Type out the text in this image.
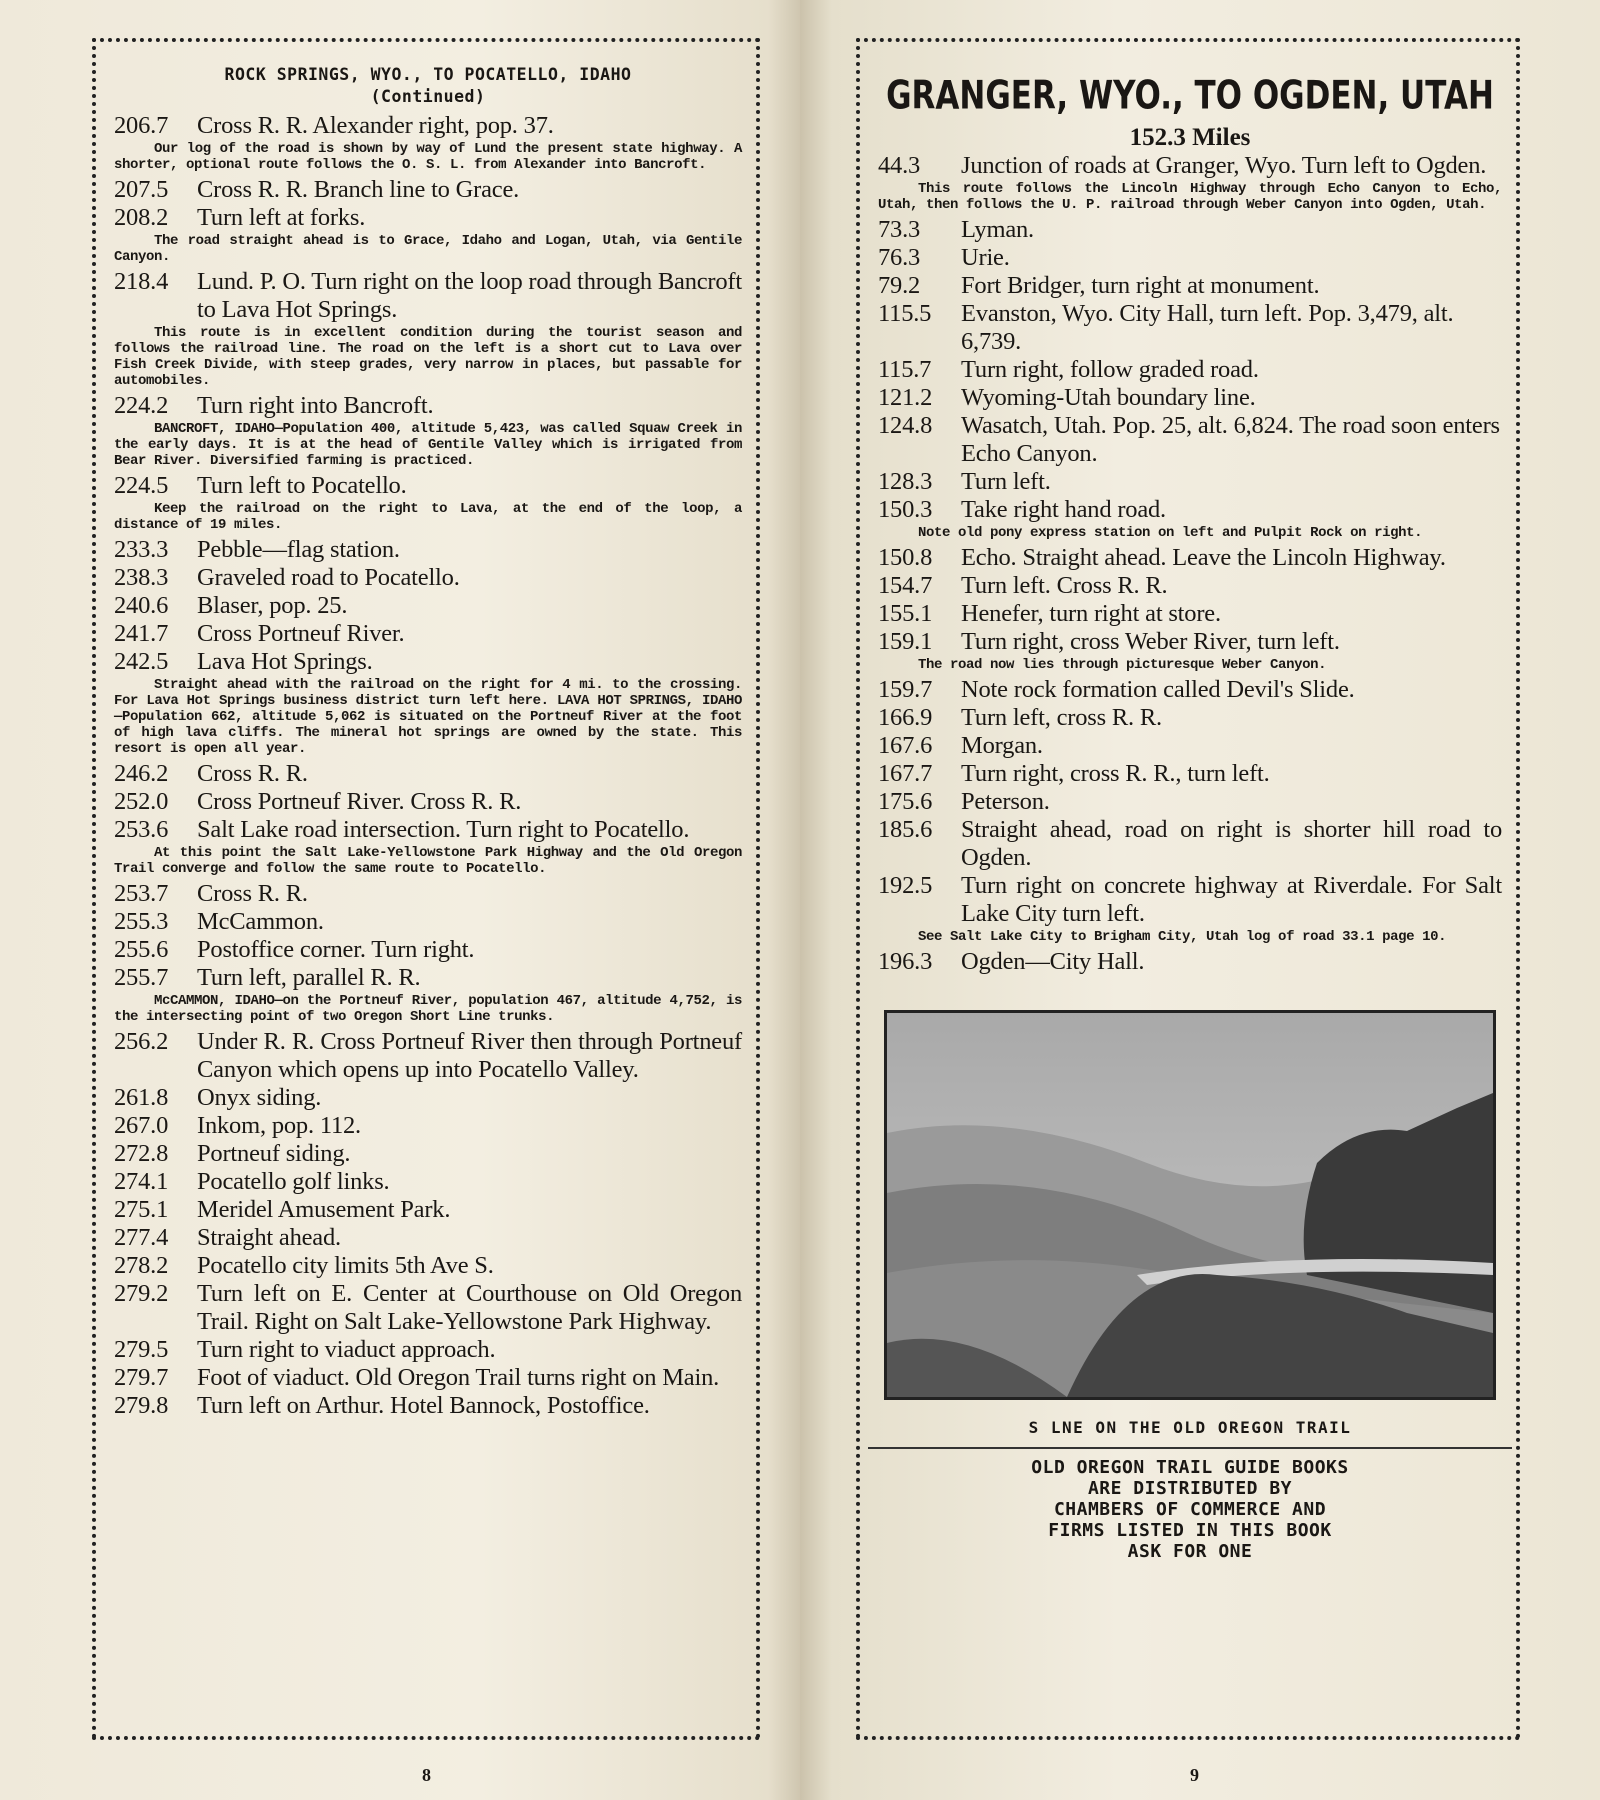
ROCK SPRINGS, WYO., TO POCATELLO, IDAHO
(Continued)
206.7	Cross R. R. Alexander right, pop. 37.
Our log of the road is shown by way of Lund the present state highway. A shorter, optional route follows the O. S. L. from Alexander into Bancroft.
207.5	Cross R. R. Branch line to Grace.
208.2	Turn left at forks.
The road straight ahead is to Grace, Idaho and Logan, Utah, via Gentile Canyon.
218.4	Lund. P. O. Turn right on the loop road through Bancroft to Lava Hot Springs.
This route is in excellent condition during the tourist season and follows the railroad line. The road on the left is a short cut to Lava over Fish Creek Divide, with steep grades, very narrow in places, but passable for automobiles.
224.2	Turn right into Bancroft.
BANCROFT, IDAHO—Population 400, altitude 5,423, was called Squaw Creek in the early days. It is at the head of Gentile Valley which is irrigated from Bear River. Diversified farming is practiced.
224.5	Turn left to Pocatello.
Keep the railroad on the right to Lava, at the end of the loop, a distance of 19 miles.
233.3	Pebble—flag station.
238.3	Graveled road to Pocatello.
240.6	Blaser, pop. 25.
241.7	Cross Portneuf River.
242.5	Lava Hot Springs.
Straight ahead with the railroad on the right for 4 mi. to the crossing. For Lava Hot Springs business district turn left here. LAVA HOT SPRINGS, IDAHO—Population 662, altitude 5,062 is situated on the Portneuf River at the foot of high lava cliffs. The mineral hot springs are owned by the state. This resort is open all year.
246.2	Cross R. R.
252.0	Cross Portneuf River. Cross R. R.
253.6	Salt Lake road intersection. Turn right to Pocatello.
At this point the Salt Lake-Yellowstone Park Highway and the Old Oregon Trail converge and follow the same route to Pocatello.
253.7	Cross R. R.
255.3	McCammon.
255.6	Postoffice corner. Turn right.
255.7	Turn left, parallel R. R.
McCAMMON, IDAHO—on the Portneuf River, population 467, altitude 4,752, is the intersecting point of two Oregon Short Line trunks.
256.2	Under R. R. Cross Portneuf River then through Portneuf Canyon which opens up into Pocatello Valley.
261.8	Onyx siding.
267.0	Inkom, pop. 112.
272.8	Portneuf siding.
274.1	Pocatello golf links.
275.1	Meridel Amusement Park.
277.4	Straight ahead.
278.2	Pocatello city limits 5th Ave S.
279.2	Turn left on E. Center at Courthouse on Old Oregon Trail. Right on Salt Lake-Yellowstone Park Highway.
279.5	Turn right to viaduct approach.
279.7	Foot of viaduct. Old Oregon Trail turns right on Main.
279.8	Turn left on Arthur. Hotel Bannock, Postoffice.
8
GRANGER, WYO., TO OGDEN, UTAH
152.3 Miles
44.3	Junction of roads at Granger, Wyo. Turn left to Ogden.
This route follows the Lincoln Highway through Echo Canyon to Echo, Utah, then follows the U. P. railroad through Weber Canyon into Ogden, Utah.
73.3	Lyman.
76.3	Urie.
79.2	Fort Bridger, turn right at monument.
115.5	Evanston, Wyo. City Hall, turn left. Pop. 3,479, alt. 6,739.
115.7	Turn right, follow graded road.
121.2	Wyoming-Utah boundary line.
124.8	Wasatch, Utah. Pop. 25, alt. 6,824. The road soon enters Echo Canyon.
128.3	Turn left.
150.3	Take right hand road.
Note old pony express station on left and Pulpit Rock on right.
150.8	Echo. Straight ahead. Leave the Lincoln Highway.
154.7	Turn left. Cross R. R.
155.1	Henefer, turn right at store.
159.1	Turn right, cross Weber River, turn left.
The road now lies through picturesque Weber Canyon.
159.7	Note rock formation called Devil's Slide.
166.9	Turn left, cross R. R.
167.6	Morgan.
167.7	Turn right, cross R. R., turn left.
175.6	Peterson.
185.6	Straight ahead, road on right is shorter hill road to Ogden.
192.5	Turn right on concrete highway at Riverdale. For Salt Lake City turn left.
See Salt Lake City to Brigham City, Utah log of road 33.1 page 10.
196.3	Ogden—City Hall.
S LNE ON THE OLD OREGON TRAIL
OLD OREGON TRAIL GUIDE BOOKS
ARE DISTRIBUTED BY
CHAMBERS OF COMMERCE AND
FIRMS LISTED IN THIS BOOK
ASK FOR ONE
9
